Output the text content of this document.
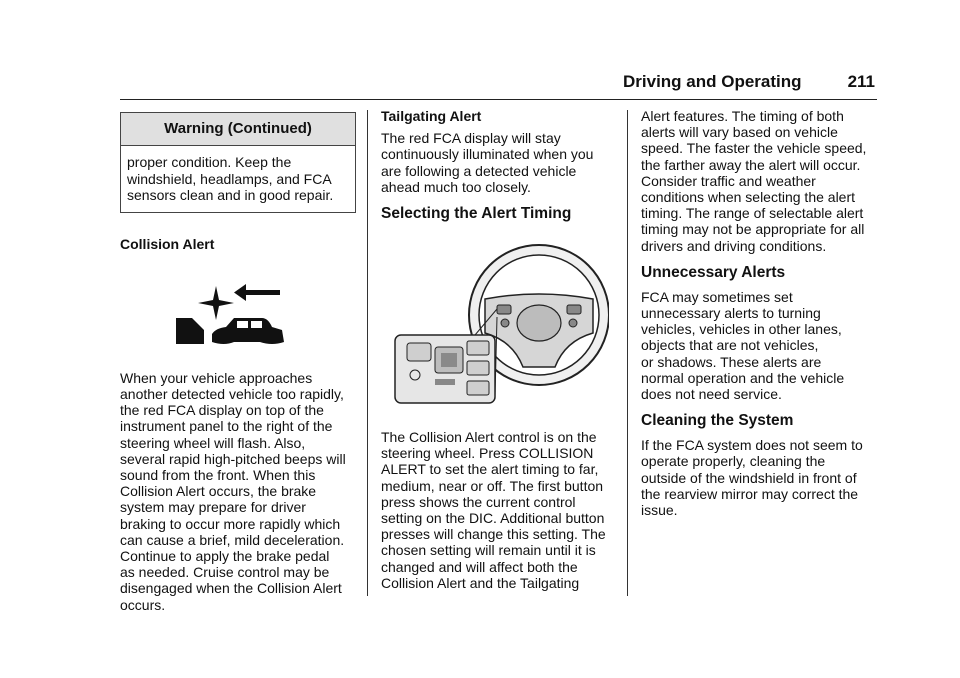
Driving and Operating	211
Warning (Continued)
proper condition. Keep the
windshield, headlamps, and FCA
sensors clean and in good repair.

Collision Alert

When your vehicle approaches
another detected vehicle too rapidly,
the red FCA display on top of the
instrument panel to the right of the
steering wheel will flash. Also,
several rapid high-pitched beeps will
sound from the front. When this
Collision Alert occurs, the brake
system may prepare for driver
braking to occur more rapidly which
can cause a brief, mild deceleration.
Continue to apply the brake pedal
as needed. Cruise control may be
disengaged when the Collision Alert
occurs.

Tailgating Alert

The red FCA display will stay
continuously illuminated when you
are following a detected vehicle
ahead much too closely.
Selecting the Alert Timing
The Collision Alert control is on the
steering wheel. Press COLLISION
ALERT to set the alert timing to far,
medium, near or off. The first button
press shows the current control
setting on the DIC. Additional button
presses will change this setting. The
chosen setting will remain until it is
changed and will affect both the
Collision Alert and the Tailgating
Alert features. The timing of both
alerts will vary based on vehicle
speed. The faster the vehicle speed,
the farther away the alert will occur.
Consider traffic and weather
conditions when selecting the alert
timing. The range of selectable alert
timing may not be appropriate for all
drivers and driving conditions.
Unnecessary Alerts
FCA may sometimes set
unnecessary alerts to turning
vehicles, vehicles in other lanes,
objects that are not vehicles,
or shadows. These alerts are
normal operation and the vehicle
does not need service.
Cleaning the System
If the FCA system does not seem to
operate properly, cleaning the
outside of the windshield in front of
the rearview mirror may correct the
issue.
